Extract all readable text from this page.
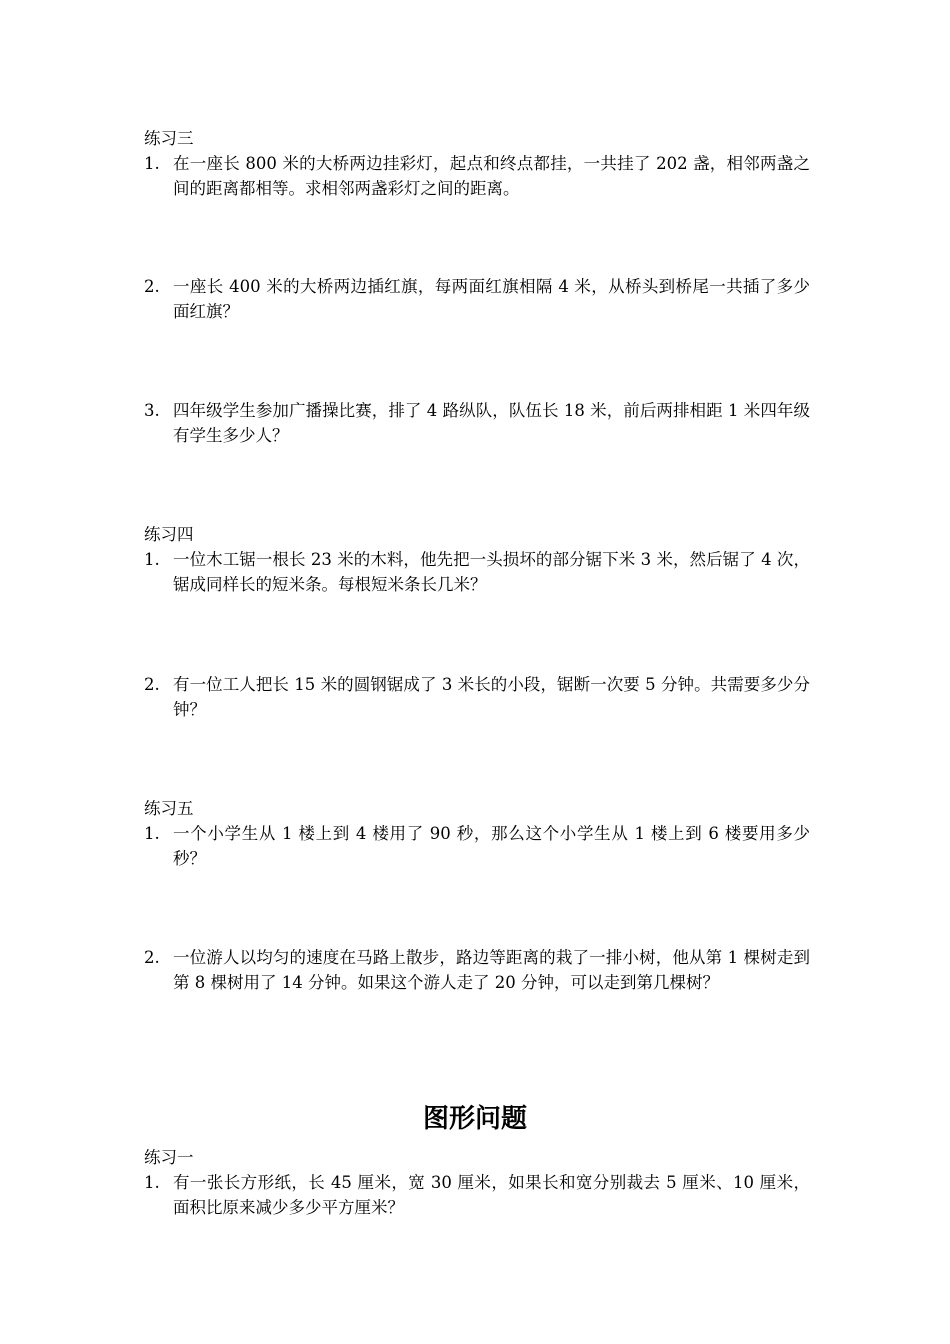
练习三
1. 在一座长 800 米的大桥两边挂彩灯，起点和终点都挂，一共挂了 202 盏，相邻两盏之间的距离都相等。求相邻两盏彩灯之间的距离。
2. 一座长 400 米的大桥两边插红旗，每两面红旗相隔 4 米，从桥头到桥尾一共插了多少面红旗？
3. 四年级学生参加广播操比赛，排了 4 路纵队，队伍长 18 米，前后两排相距 1 米四年级有学生多少人？
练习四
1. 一位木工锯一根长 23 米的木料，他先把一头损坏的部分锯下米 3 米，然后锯了 4 次，锯成同样长的短米条。每根短米条长几米？
2. 有一位工人把长 15 米的圆钢锯成了 3 米长的小段，锯断一次要 5 分钟。共需要多少分钟？
练习五
1. 一个小学生从 1 楼上到 4 楼用了 90 秒，那么这个小学生从 1 楼上到 6 楼要用多少秒？
2. 一位游人以均匀的速度在马路上散步，路边等距离的栽了一排小树，他从第 1 棵树走到第 8 棵树用了 14 分钟。如果这个游人走了 20 分钟，可以走到第几棵树？
图形问题
练习一
1. 有一张长方形纸，长 45 厘米，宽 30 厘米，如果长和宽分别裁去 5 厘米、10 厘米，面积比原来减少多少平方厘米？
